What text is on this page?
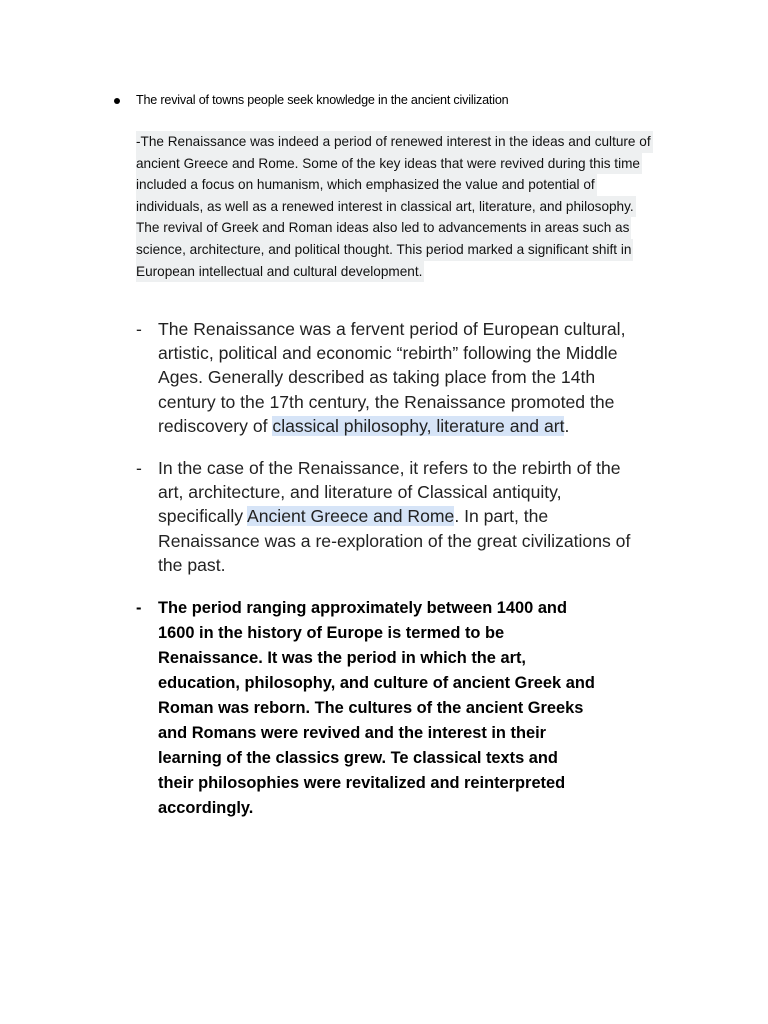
The revival of towns people seek knowledge in the ancient civilization
-The Renaissance was indeed a period of renewed interest in the ideas and culture of
ancient Greece and Rome. Some of the key ideas that were revived during this time
included a focus on humanism, which emphasized the value and potential of
individuals, as well as a renewed interest in classical art, literature, and philosophy.
The revival of Greek and Roman ideas also led to advancements in areas such as
science, architecture, and political thought. This period marked a significant shift in
European intellectual and cultural development.
- The Renaissance was a fervent period of European cultural,
artistic, political and economic “rebirth” following the Middle
Ages. Generally described as taking place from the 14th
century to the 17th century, the Renaissance promoted the
rediscovery of classical philosophy, literature and art.
- In the case of the Renaissance, it refers to the rebirth of the
art, architecture, and literature of Classical antiquity,
specifically Ancient Greece and Rome. In part, the
Renaissance was a re-exploration of the great civilizations of
the past.
- The period ranging approximately between 1400 and
1600 in the history of Europe is termed to be
Renaissance. It was the period in which the art,
education, philosophy, and culture of ancient Greek and
Roman was reborn. The cultures of the ancient Greeks
and Romans were revived and the interest in their
learning of the classics grew. Te classical texts and
their philosophies were revitalized and reinterpreted
accordingly.
